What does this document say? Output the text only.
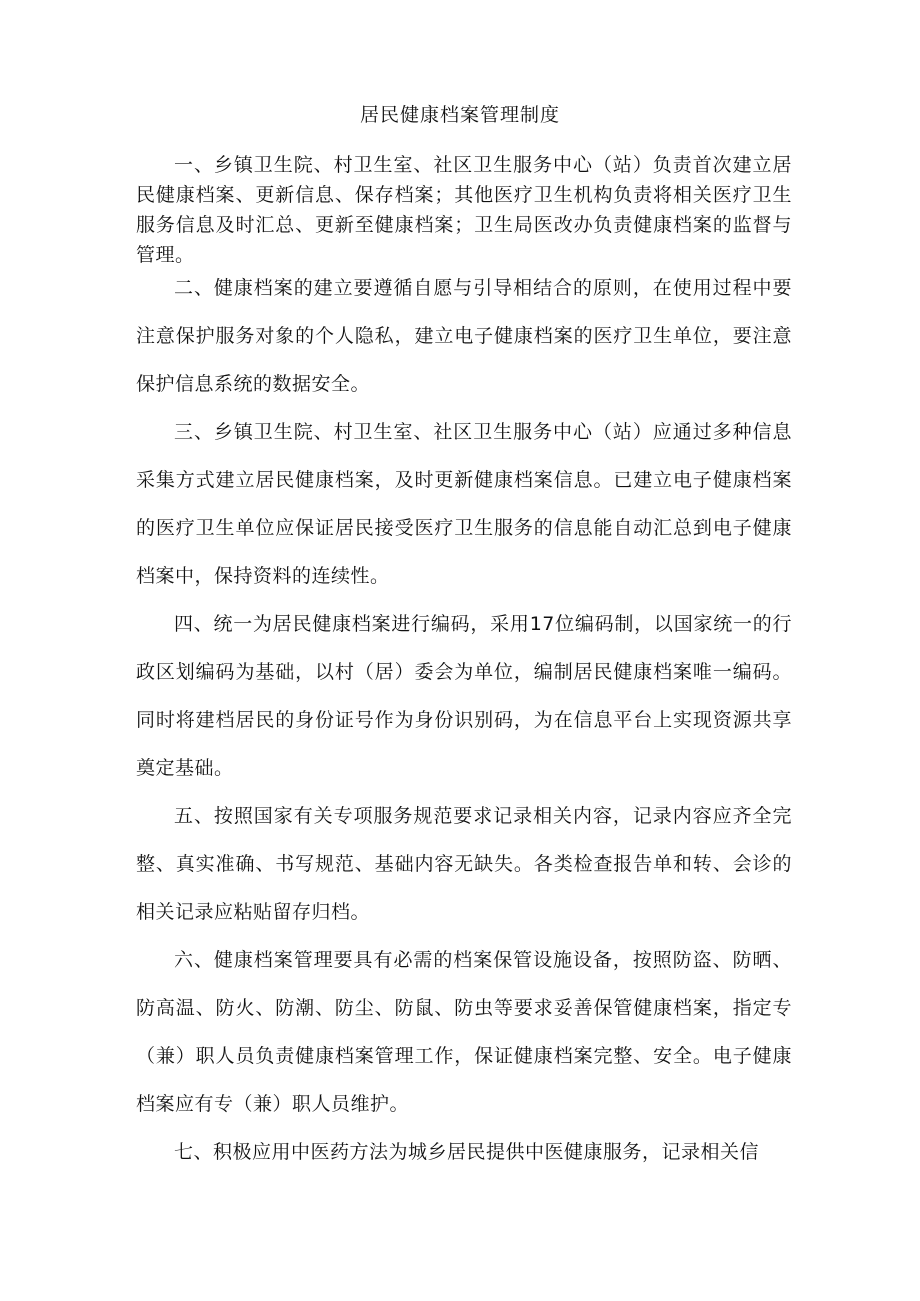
居民健康档案管理制度

一、乡镇卫生院、村卫生室、社区卫生服务中心（站）负责首次建立居民健康档案、更新信息、保存档案；其他医疗卫生机构负责将相关医疗卫生服务信息及时汇总、更新至健康档案；卫生局医改办负责健康档案的监督与管理。

二、健康档案的建立要遵循自愿与引导相结合的原则，在使用过程中要注意保护服务对象的个人隐私，建立电子健康档案的医疗卫生单位，要注意保护信息系统的数据安全。

三、乡镇卫生院、村卫生室、社区卫生服务中心（站）应通过多种信息采集方式建立居民健康档案，及时更新健康档案信息。已建立电子健康档案的医疗卫生单位应保证居民接受医疗卫生服务的信息能自动汇总到电子健康档案中，保持资料的连续性。

四、统一为居民健康档案进行编码，采用17位编码制，以国家统一的行政区划编码为基础，以村（居）委会为单位，编制居民健康档案唯一编码。同时将建档居民的身份证号作为身份识别码，为在信息平台上实现资源共享奠定基础。

五、按照国家有关专项服务规范要求记录相关内容，记录内容应齐全完整、真实准确、书写规范、基础内容无缺失。各类检查报告单和转、会诊的相关记录应粘贴留存归档。

六、健康档案管理要具有必需的档案保管设施设备，按照防盗、防晒、防高温、防火、防潮、防尘、防鼠、防虫等要求妥善保管健康档案，指定专（兼）职人员负责健康档案管理工作，保证健康档案完整、安全。电子健康档案应有专（兼）职人员维护。

七、积极应用中医药方法为城乡居民提供中医健康服务，记录相关信
